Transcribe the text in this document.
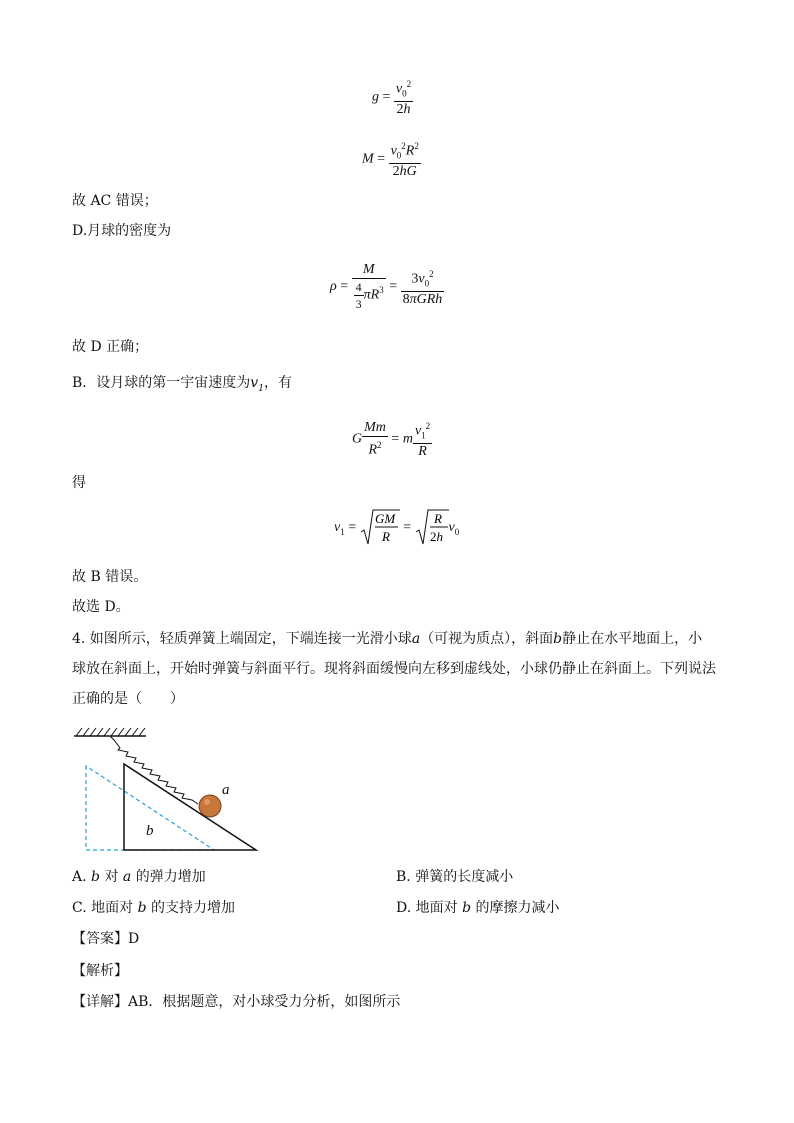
$g = \frac{v_0^2}{2h}$
$M = \frac{v_0^2R^2}{2hG}$
故 AC 错误；
D.月球的密度为
$\rho = \frac{M}{\frac{4}{3} \pi R^3} = \frac{3v_0^2}{\text{8πGRh}}$
故 D 正确；
B．设月球的第一宇宙速度为$v_1$，有
G $\frac{Mm}{R^2} = m \frac{v_1^2}{R}$
得
$v_1$ =
GM
R
=
R
2h
$v_0$
故 B 错误。
故选 D。
4. 如图所示，轻质弹簧上端固定，下端连接一光滑小球a（可视为质点），斜面b静止在水平地面上，小
球放在斜面上，开始时弹簧与斜面平行。现将斜面缓慢向左移到虚线处，小球仍静止在斜面上。下列说法
正确的是（　　）
a
b
A. b 对 a 的弹力增加	B. 弹簧的长度减小
C. 地面对 b 的支持力增加	D. 地面对 b 的摩擦力减小
【答案】D
【解析】
【详解】AB．根据题意，对小球受力分析，如图所示
